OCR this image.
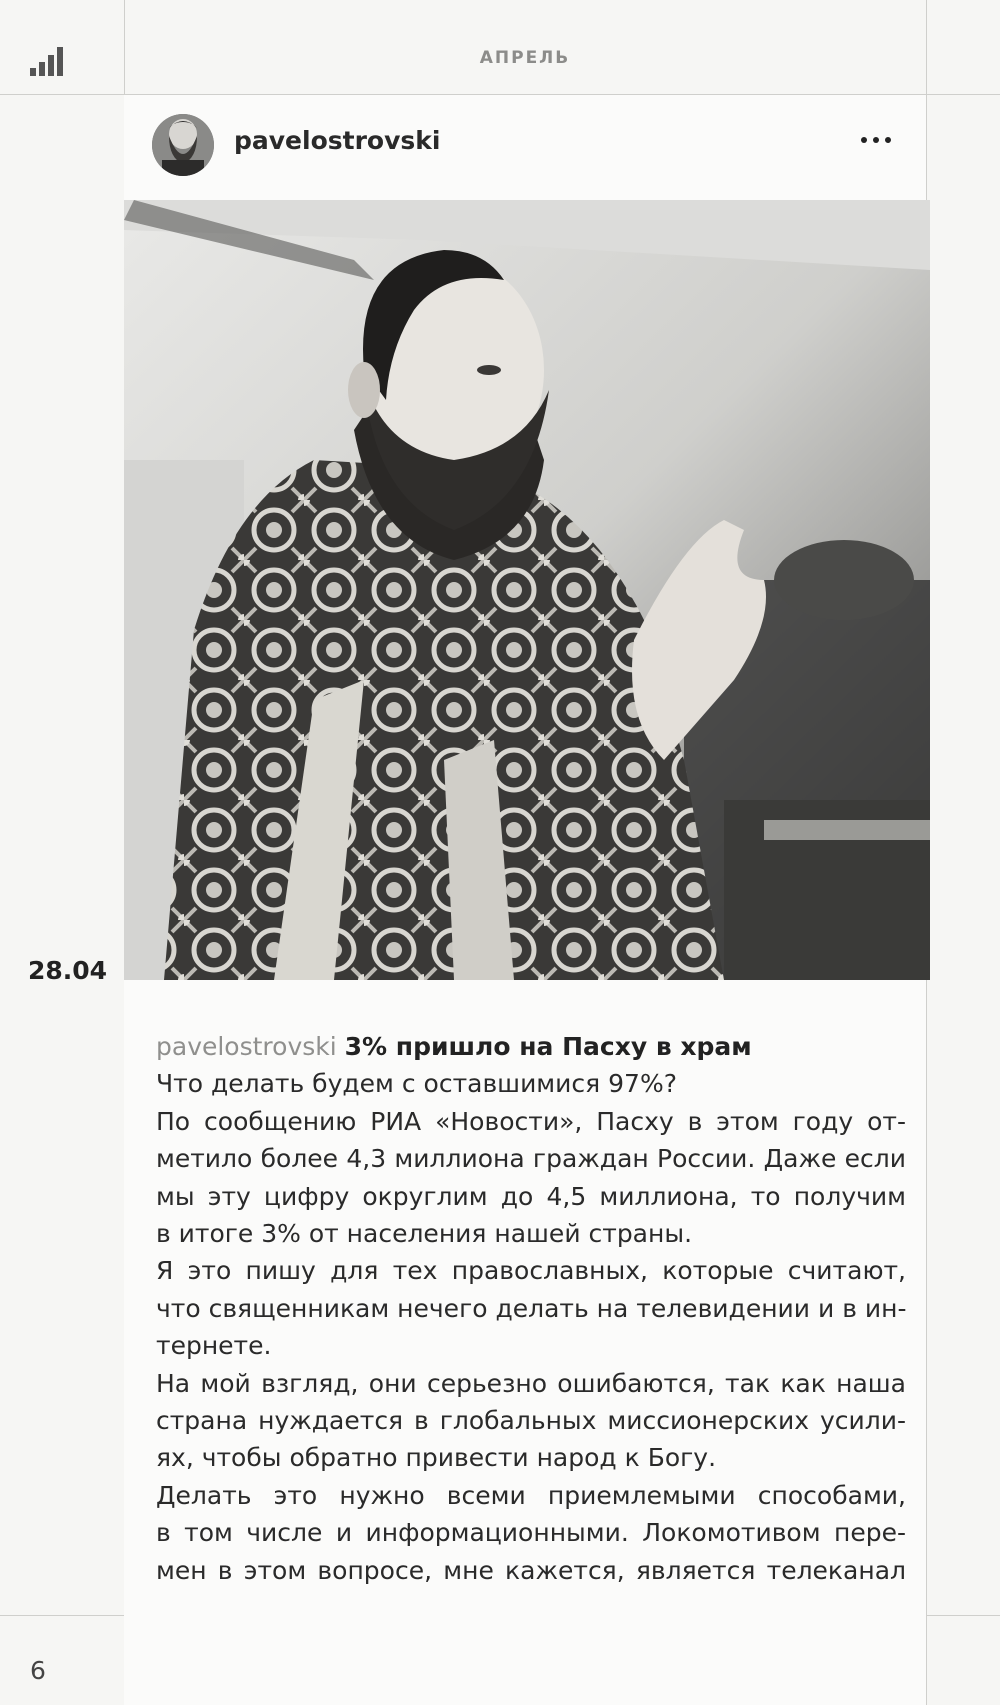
АПРЕЛЬ
pavelostrovski
28.04
pavelostrovski 3% пришло на Пасху в храм
Что делать будем с оставшимися 97%?
По сообщению РИА «Новости», Пасху в этом году от-
метило более 4,3 миллиона граждан России. Даже если
мы эту цифру округлим до 4,5 миллиона, то получим
в итоге 3% от населения нашей страны.
Я это пишу для тех православных, которые считают,
что священникам нечего делать на телевидении и в ин-
тернете.
На мой взгляд, они серьезно ошибаются, так как наша
страна нуждается в глобальных миссионерских усили-
ях, чтобы обратно привести народ к Богу.
Делать это нужно всеми приемлемыми способами,
в том числе и информационными. Локомотивом пере-
мен в этом вопросе, мне кажется, является телеканал
6
